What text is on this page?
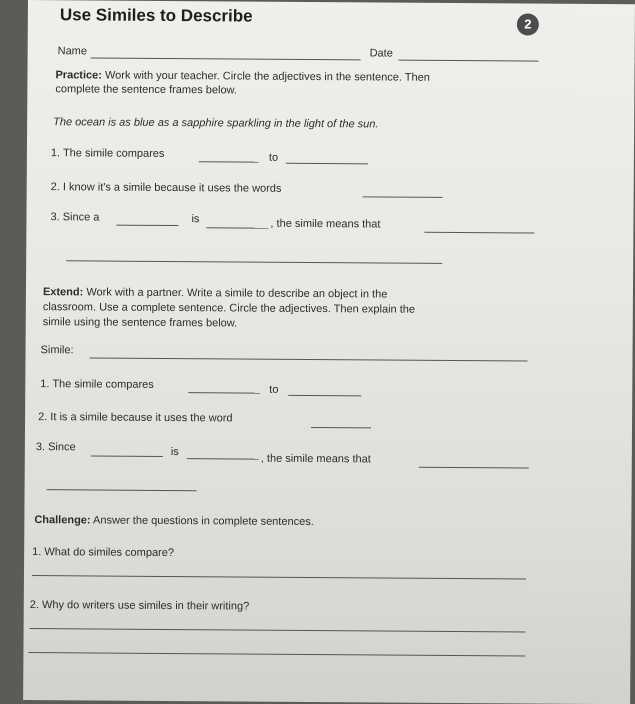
Use Similes to Describe	2
Name	Date
Practice: Work with your teacher. Circle the adjectives in the sentence. Then
complete the sentence frames below.
The ocean is as blue as a sapphire sparkling in the light of the sun.
1. The simile compares	to
2. I know it's a simile because it uses the words
3. Since a	is	, the simile means that
Extend: Work with a partner. Write a simile to describe an object in the
classroom. Use a complete sentence. Circle the adjectives. Then explain the
simile using the sentence frames below.
Simile:
1. The simile compares	to
2. It is a simile because it uses the word
3. Since	is
, the simile means that
Challenge: Answer the questions in complete sentences.
1. What do similes compare?
2. Why do writers use similes in their writing?
